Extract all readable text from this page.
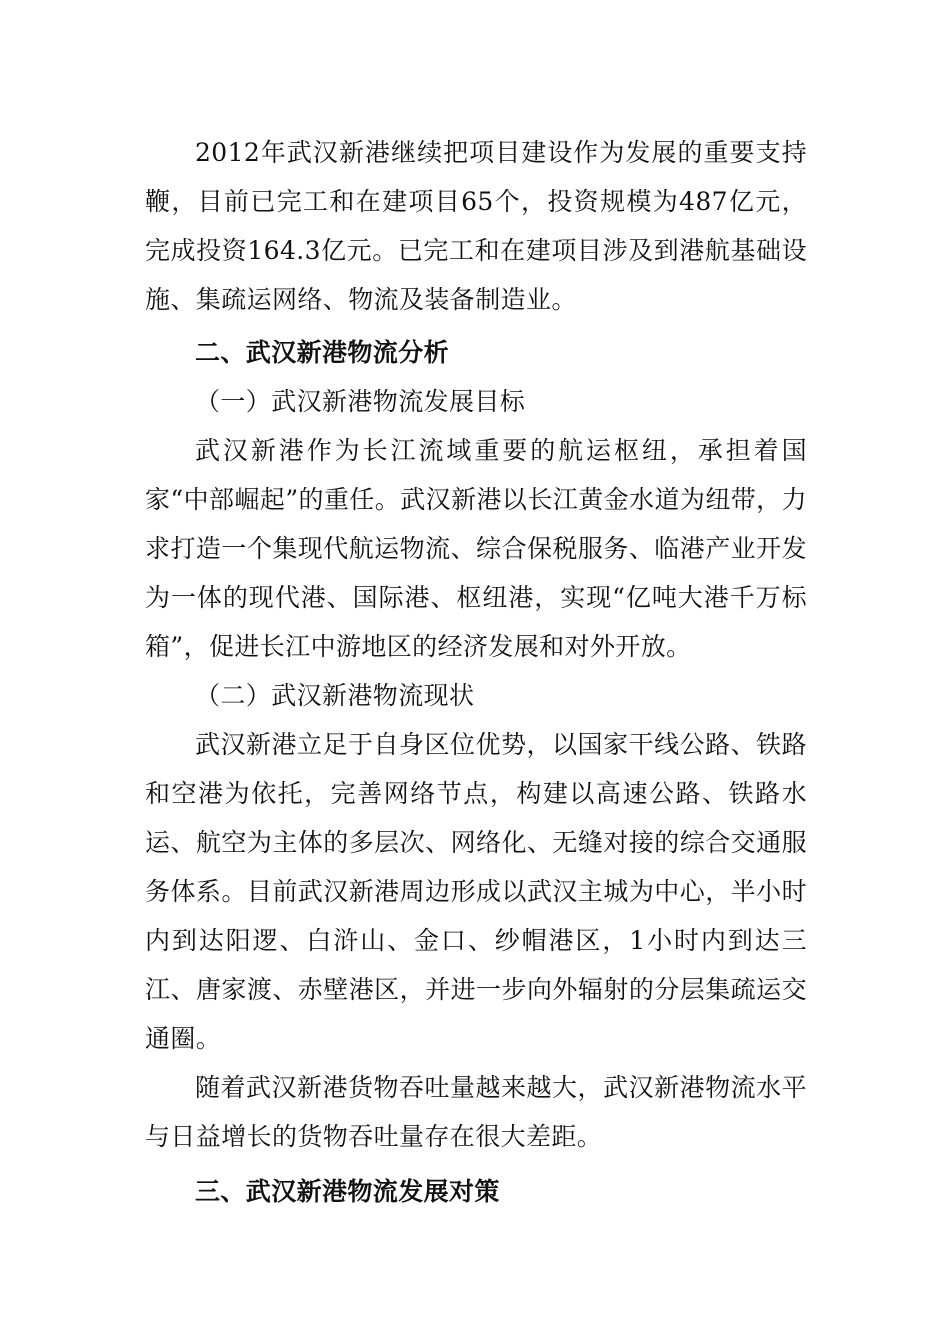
2012年武汉新港继续把项目建设作为发展的重要支持鞭，目前已完工和在建项目65个，投资规模为487亿元，完成投资164.3亿元。已完工和在建项目涉及到港航基础设施、集疏运网络、物流及装备制造业。

二、武汉新港物流分析

（一）武汉新港物流发展目标

武汉新港作为长江流域重要的航运枢纽，承担着国家“中部崛起”的重任。武汉新港以长江黄金水道为纽带，力求打造一个集现代航运物流、综合保税服务、临港产业开发为一体的现代港、国际港、枢纽港，实现“亿吨大港千万标箱”，促进长江中游地区的经济发展和对外开放。

（二）武汉新港物流现状

武汉新港立足于自身区位优势，以国家干线公路、铁路和空港为依托，完善网络节点，构建以高速公路、铁路水运、航空为主体的多层次、网络化、无缝对接的综合交通服务体系。目前武汉新港周边形成以武汉主城为中心，半小时内到达阳逻、白浒山、金口、纱帽港区，1小时内到达三江、唐家渡、赤壁港区，并进一步向外辐射的分层集疏运交通圈。

随着武汉新港货物吞吐量越来越大，武汉新港物流水平与日益增长的货物吞吐量存在很大差距。

三、武汉新港物流发展对策
